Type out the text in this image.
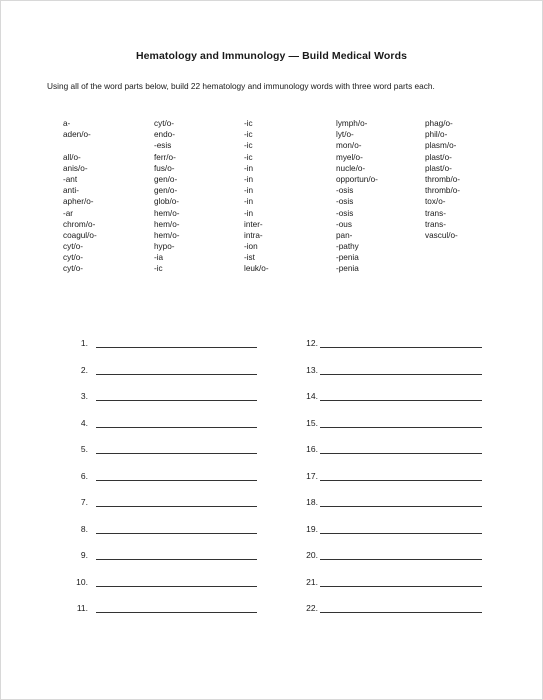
Hematology and Immunology — Build Medical Words
Using all of the word parts below, build 22 hematology and immunology words with three word parts each.
a-
aden/o-
all/o-
anis/o-
-ant
anti-
apher/o-
-ar
chrom/o-
coagul/o-
cyt/o-
cyt/o-
cyt/o-
cyt/o-
endo-
-esis
ferr/o-
fus/o-
gen/o-
gen/o-
glob/o-
hem/o-
hem/o-
hem/o-
hypo-
-ia
-ic
-ic
-ic
-ic
-ic
-in
-in
-in
-in
-in
inter-
intra-
-ion
-ist
leuk/o-
lymph/o-
lyt/o-
mon/o-
myel/o-
nucle/o-
opportun/o-
-osis
-osis
-osis
-ous
pan-
-pathy
-penia
-penia
phag/o-
phil/o-
plasm/o-
plast/o-
plast/o-
thromb/o-
thromb/o-
tox/o-
trans-
trans-
vascul/o-
1.
2.
3.
4.
5.
6.
7.
8.
9.
10.
11.
12.
13.
14.
15.
16.
17.
18.
19.
20.
21.
22.
